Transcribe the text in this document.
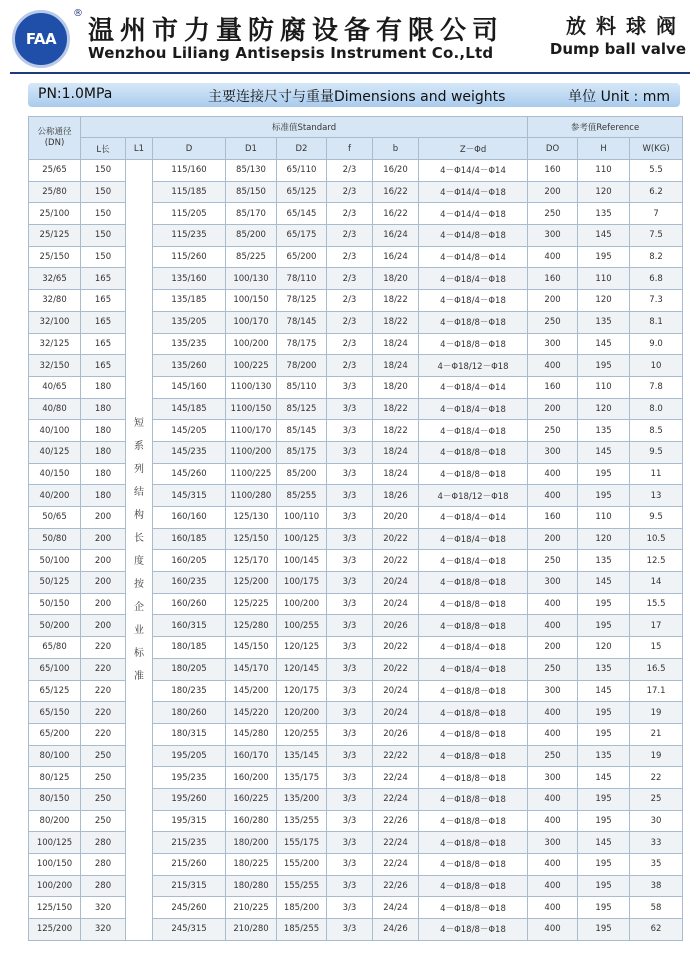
FAA
®
温州市力量防腐设备有限公司
Wenzhou Liliang Antisepsis Instrument Co.,Ltd
放料球阀
Dump ball valve
PN:1.0MPa	主要连接尺寸与重量Dimensions and weights	单位 Unit : mm
公称通径(DN)	标准值Standard								参考值Reference		
	L长	L1	D	D1	D2	f	b	Z－Φd	DO	H	W(KG)
25/65	150	短系列结构长度按企业标准	115/160	85/130	65/110	2/3	16/20	4－Φ14/4－Φ14	160	110	5.5
25/80	150		115/185	85/150	65/125	2/3	16/22	4－Φ14/4－Φ18	200	120	6.2
25/100	150		115/205	85/170	65/145	2/3	16/22	4－Φ14/4－Φ18	250	135	7
25/125	150		115/235	85/200	65/175	2/3	16/24	4－Φ14/8－Φ18	300	145	7.5
25/150	150		115/260	85/225	65/200	2/3	16/24	4－Φ14/8－Φ14	400	195	8.2
32/65	165		135/160	100/130	78/110	2/3	18/20	4－Φ18/4－Φ18	160	110	6.8
32/80	165		135/185	100/150	78/125	2/3	18/22	4－Φ18/4－Φ18	200	120	7.3
32/100	165		135/205	100/170	78/145	2/3	18/22	4－Φ18/8－Φ18	250	135	8.1
32/125	165		135/235	100/200	78/175	2/3	18/24	4－Φ18/8－Φ18	300	145	9.0
32/150	165		135/260	100/225	78/200	2/3	18/24	4－Φ18/12－Φ18	400	195	10
40/65	180		145/160	1100/130	85/110	3/3	18/20	4－Φ18/4－Φ14	160	110	7.8
40/80	180		145/185	1100/150	85/125	3/3	18/22	4－Φ18/4－Φ18	200	120	8.0
40/100	180		145/205	1100/170	85/145	3/3	18/22	4－Φ18/4－Φ18	250	135	8.5
40/125	180		145/235	1100/200	85/175	3/3	18/24	4－Φ18/8－Φ18	300	145	9.5
40/150	180		145/260	1100/225	85/200	3/3	18/24	4－Φ18/8－Φ18	400	195	11
40/200	180		145/315	1100/280	85/255	3/3	18/26	4－Φ18/12－Φ18	400	195	13
50/65	200		160/160	125/130	100/110	3/3	20/20	4－Φ18/4－Φ14	160	110	9.5
50/80	200		160/185	125/150	100/125	3/3	20/22	4－Φ18/4－Φ18	200	120	10.5
50/100	200		160/205	125/170	100/145	3/3	20/22	4－Φ18/4－Φ18	250	135	12.5
50/125	200		160/235	125/200	100/175	3/3	20/24	4－Φ18/8－Φ18	300	145	14
50/150	200		160/260	125/225	100/200	3/3	20/24	4－Φ18/8－Φ18	400	195	15.5
50/200	200		160/315	125/280	100/255	3/3	20/26	4－Φ18/8－Φ18	400	195	17
65/80	220		180/185	145/150	120/125	3/3	20/22	4－Φ18/4－Φ18	200	120	15
65/100	220		180/205	145/170	120/145	3/3	20/22	4－Φ18/4－Φ18	250	135	16.5
65/125	220		180/235	145/200	120/175	3/3	20/24	4－Φ18/8－Φ18	300	145	17.1
65/150	220		180/260	145/220	120/200	3/3	20/24	4－Φ18/8－Φ18	400	195	19
65/200	220		180/315	145/280	120/255	3/3	20/26	4－Φ18/8－Φ18	400	195	21
80/100	250		195/205	160/170	135/145	3/3	22/22	4－Φ18/8－Φ18	250	135	19
80/125	250		195/235	160/200	135/175	3/3	22/24	4－Φ18/8－Φ18	300	145	22
80/150	250		195/260	160/225	135/200	3/3	22/24	4－Φ18/8－Φ18	400	195	25
80/200	250		195/315	160/280	135/255	3/3	22/26	4－Φ18/8－Φ18	400	195	30
100/125	280		215/235	180/200	155/175	3/3	22/24	4－Φ18/8－Φ18	300	145	33
100/150	280		215/260	180/225	155/200	3/3	22/24	4－Φ18/8－Φ18	400	195	35
100/200	280		215/315	180/280	155/255	3/3	22/26	4－Φ18/8－Φ18	400	195	38
125/150	320		245/260	210/225	185/200	3/3	24/24	4－Φ18/8－Φ18	400	195	58
125/200	320		245/315	210/280	185/255	3/3	24/26	4－Φ18/8－Φ18	400	195	62
